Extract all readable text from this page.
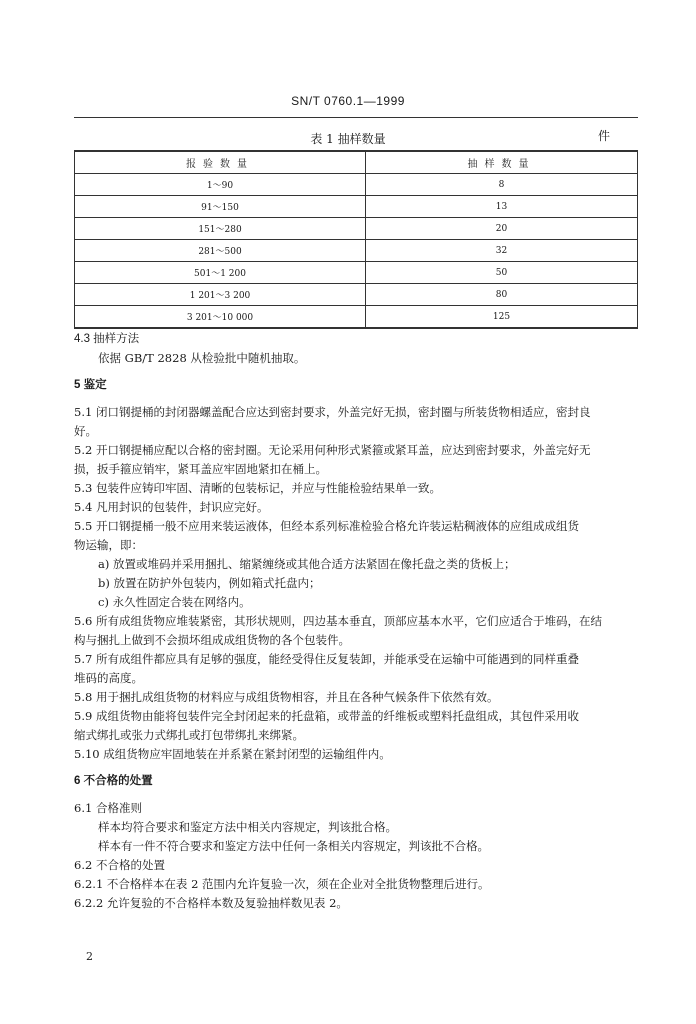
SN/T 0760.1—1999
表 1 抽样数量	件
报验数量	抽样数量
1～90	8
91～150	13
151～280	20
281～500	32
501～1 200	50
1 201～3 200	80
3 201～10 000	125

4.3 抽样方法

依据 GB/T 2828 从检验批中随机抽取。

5 鉴定

5.1 闭口钢提桶的封闭器螺盖配合应达到密封要求，外盖完好无损，密封圈与所装货物相适应，密封良

好。

5.2 开口钢提桶应配以合格的密封圈。无论采用何种形式紧箍或紧耳盖，应达到密封要求，外盖完好无

损，扳手箍应销牢，紧耳盖应牢固地紧扣在桶上。

5.3 包装件应铸印牢固、清晰的包装标记，并应与性能检验结果单一致。

5.4 凡用封识的包装件，封识应完好。

5.5 开口钢提桶一般不应用来装运液体，但经本系列标准检验合格允许装运粘稠液体的应组成成组货

物运输，即：

a) 放置或堆码并采用捆扎、缩紧缠绕或其他合适方法紧固在像托盘之类的货板上；

b) 放置在防护外包装内，例如箱式托盘内；

c) 永久性固定合装在网络内。

5.6 所有成组货物应堆装紧密，其形状规则，四边基本垂直，顶部应基本水平，它们应适合于堆码，在结

构与捆扎上做到不会损坏组成成组货物的各个包装件。

5.7 所有成组件都应具有足够的强度，能经受得住反复装卸，并能承受在运输中可能遇到的同样重叠

堆码的高度。

5.8 用于捆扎成组货物的材料应与成组货物相容，并且在各种气候条件下依然有效。

5.9 成组货物由能将包装件完全封闭起来的托盘箱，或带盖的纤维板或塑料托盘组成，其包件采用收

缩式绑扎或张力式绑扎或打包带绑扎来绑紧。

5.10 成组货物应牢固地装在并系紧在紧封闭型的运输组件内。

6 不合格的处置

6.1 合格准则

样本均符合要求和鉴定方法中相关内容规定，判该批合格。

样本有一件不符合要求和鉴定方法中任何一条相关内容规定，判该批不合格。

6.2 不合格的处置

6.2.1 不合格样本在表 2 范围内允许复验一次，须在企业对全批货物整理后进行。

6.2.2 允许复验的不合格样本数及复验抽样数见表 2。

2
